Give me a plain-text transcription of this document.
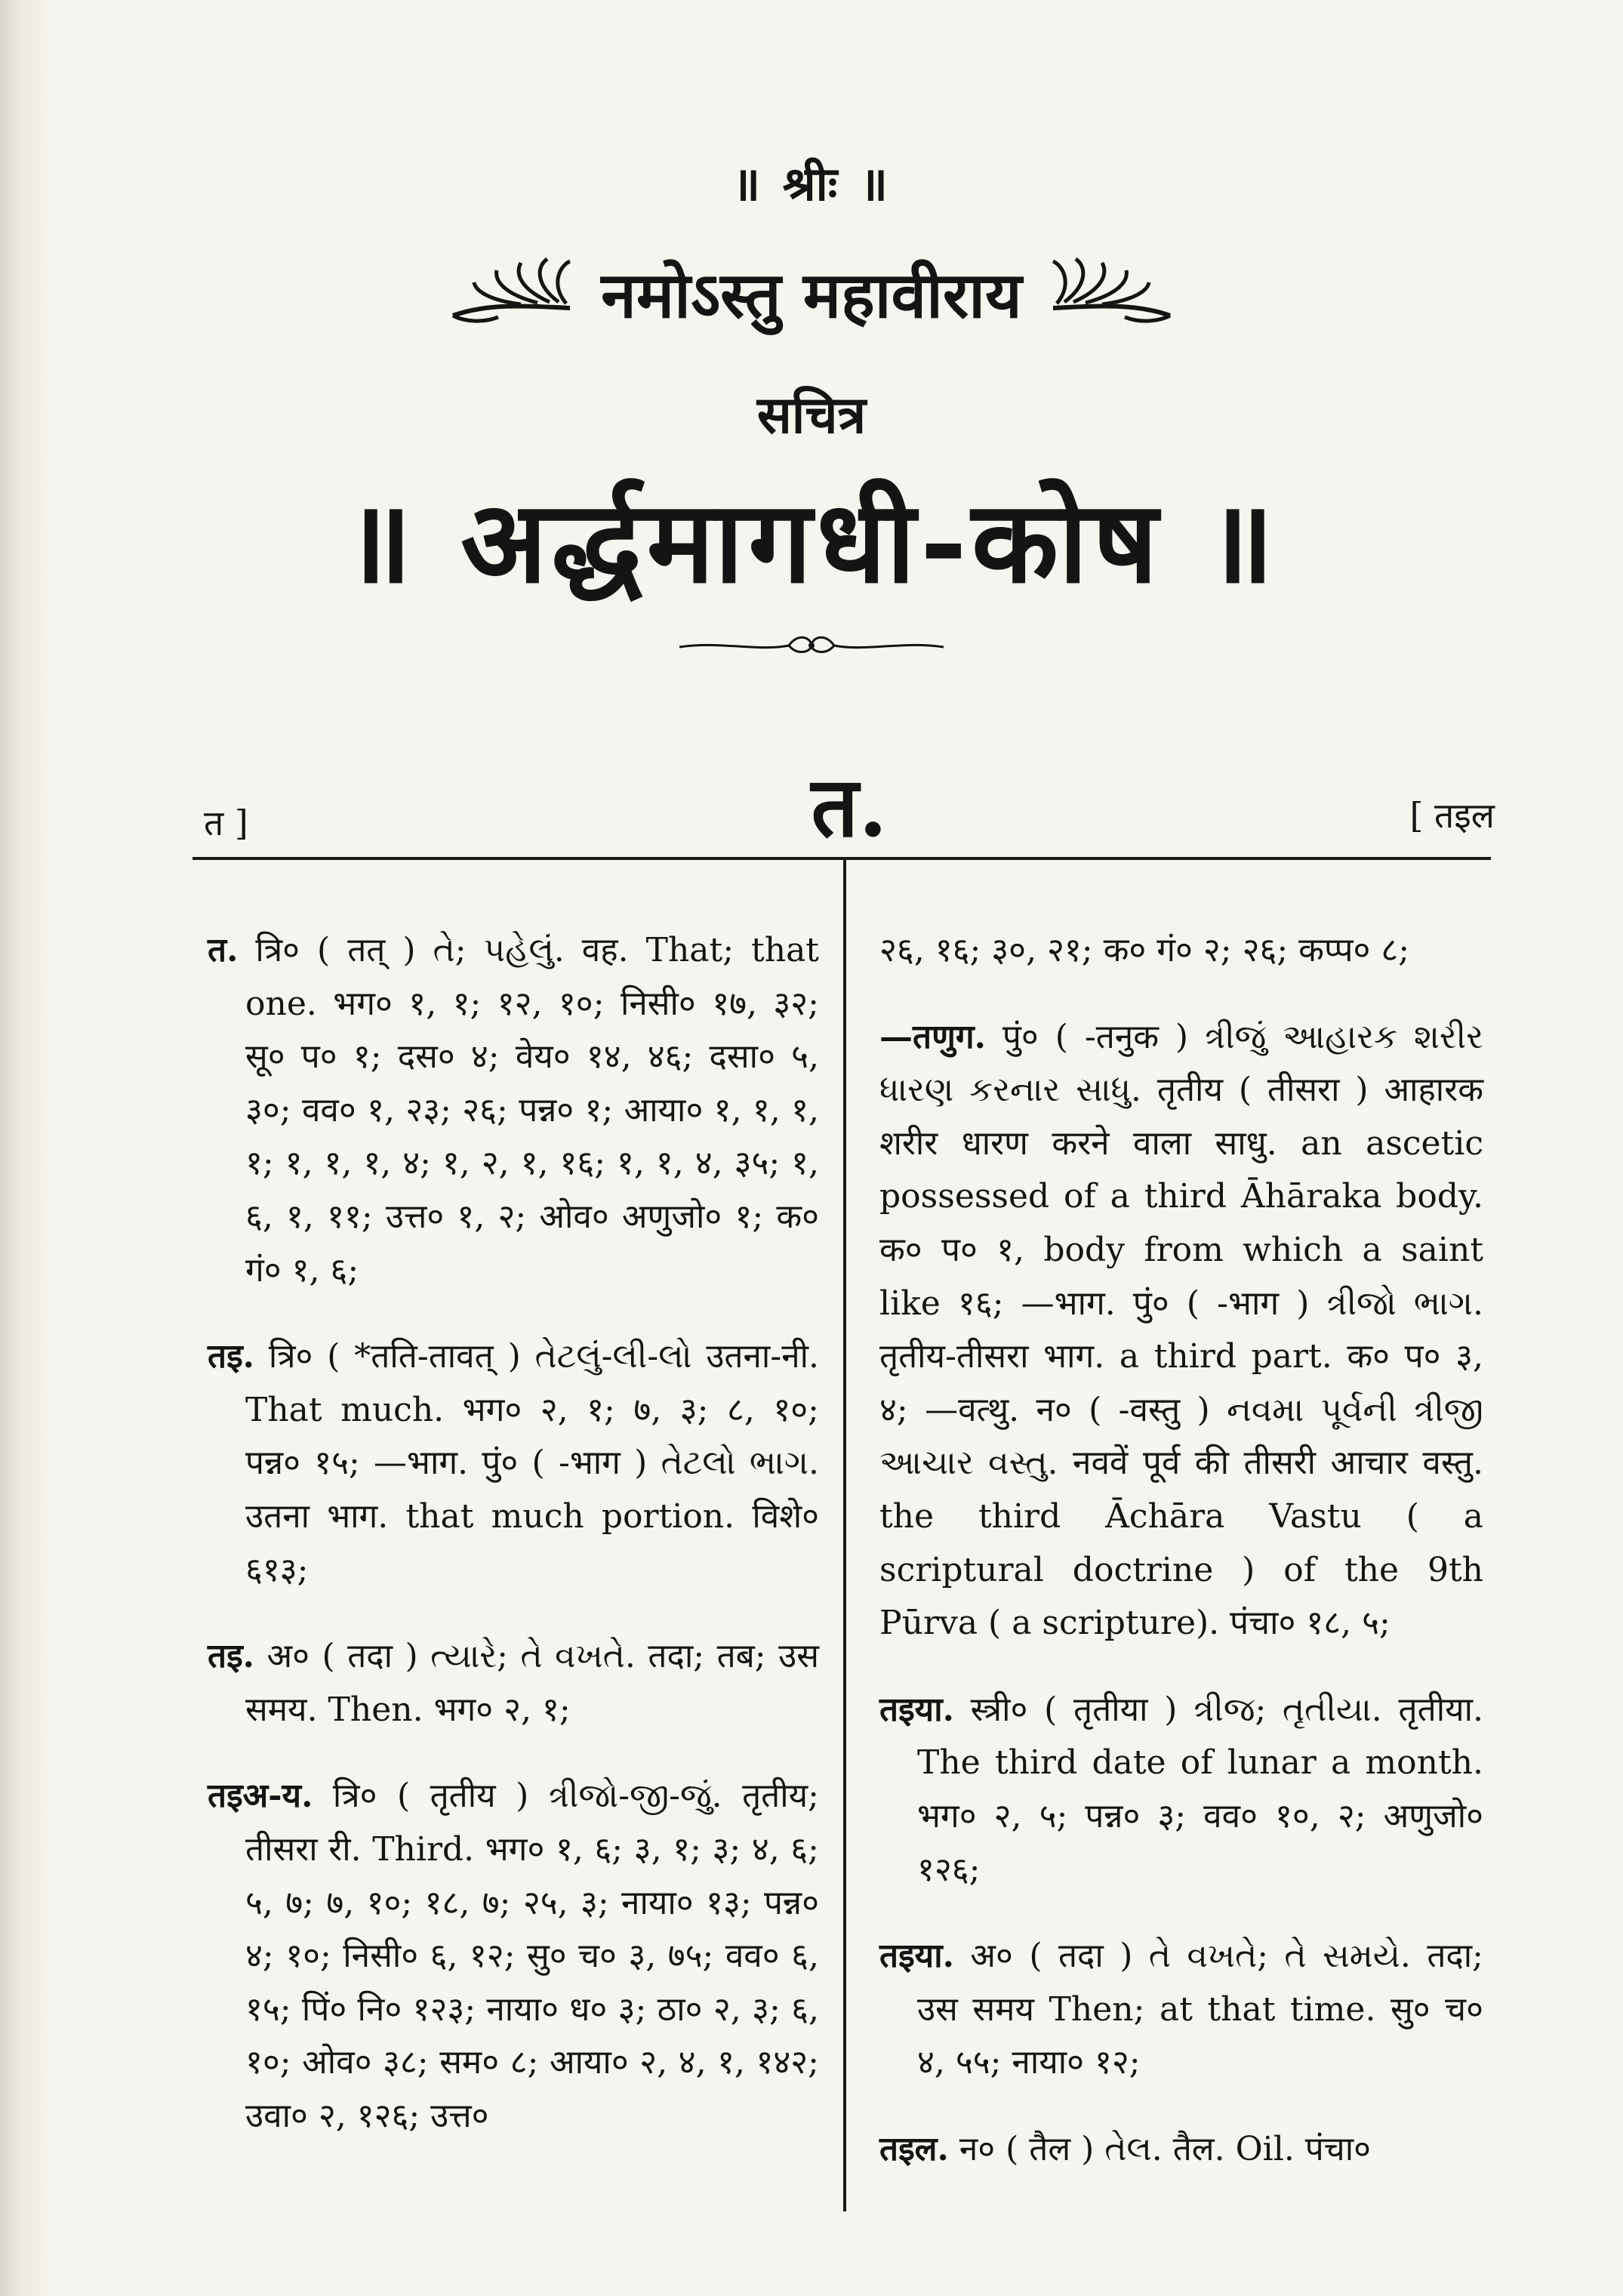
॥ श्रीः ॥
नमोऽस्तु महावीराय
सचित्र
॥ अर्द्धमागधी-कोष ॥
त ]	त.	[ तइल

त. त्रि० ( तत् ) તે; પહેલું. वह. That; that one. भग० १, १; १२, १०; निसी० १७, ३२; सू० प० १; दस० ४; वेय० १४, ४६; दसा० ५, ३०; वव० १, २३; २६; पन्न० १; आया० १, १, १, १; १, १, १, ४; १, २, १, १६; १, १, ४, ३५; १, ६, १, ११; उत्त० १, २; ओव० अणुजो० १; क० गं० १, ६;

तइ. त्रि० ( *तति-तावत् ) તેટલું-લી-લો उतना-नी. That much. भग० २, १; ७, ३; ८, १०; पन्न० १५; —भाग. पुं० ( -भाग ) તેટલો ભાગ. उतना भाग. that much portion. विशे० ६१३;

तइ. अ० ( तदा ) ત્યારે; તે વખતે. तदा; तब; उस समय. Then. भग० २, १;

तइअ-य. त्रि० ( तृतीय ) ત્રીજો-જી-જું. तृतीय; तीसरा री. Third. भग० १, ६; ३, १; ३; ४, ६; ५, ७; ७, १०; १८, ७; २५, ३; नाया० १३; पन्न० ४; १०; निसी० ६, १२; सु० च० ३, ७५; वव० ६, १५; पिं० नि० १२३; नाया० ध० ३; ठा० २, ३; ६, १०; ओव० ३८; सम० ८; आया० २, ४, १, १४२; उवा० २, १२६; उत्त०

२६, १६; ३०, २१; क० गं० २; २६; कप्प० ८;

—तणुग. पुं० ( -तनुक ) ત્રીજું આહારક શરીર ધારણ કરનાર સાધુ. तृतीय ( तीसरा ) आहारक शरीर धारण करने वाला साधु. an ascetic possessed of a third Āhāraka body. क० प० १, body from which a saint like १६; —भाग. पुं० ( -भाग ) ત્રીજો ભાગ. तृतीय-तीसरा भाग. a third part. क० प० ३, ४; —वत्थु. न० ( -वस्तु ) નવમા પૂર્વની ત્રીજી આચાર વસ્તુ. नववें पूर्व की तीसरी आचार वस्तु. the third Āchāra Vastu ( a scriptural doctrine ) of the 9th Pūrva ( a scripture). पंचा० १८, ५;

तइया. स्त्री० ( तृतीया ) ત્રીજ; તૃતીયા. तृतीया. The third date of lunar a month. भग० २, ५; पन्न० ३; वव० १०, २; अणुजो० १२६;

तइया. अ० ( तदा ) તે વખતે; તે સમયે. तदा; उस समय Then; at that time. सु० च० ४, ५५; नाया० १२;

तइल. न० ( तैल ) તેલ. तैल. Oil. पंचा०
